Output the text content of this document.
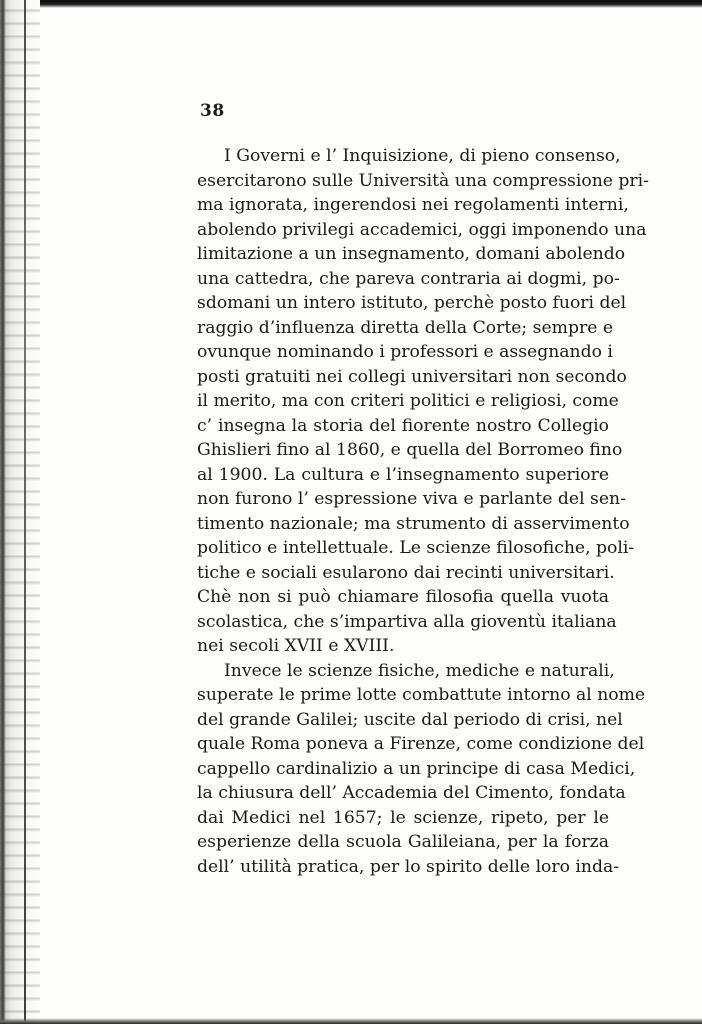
38
I Governi e l’ Inquisizione, di pieno consenso,
esercitarono sulle Università una compressione pri-
ma ignorata, ingerendosi nei regolamenti interni,
abolendo privilegi accademici, oggi imponendo una
limitazione a un insegnamento, domani abolendo
una cattedra, che pareva contraria ai dogmi, po-
sdomani un intero istituto, perchè posto fuori del
raggio d’influenza diretta della Corte; sempre e
ovunque nominando i professori e assegnando i
posti gratuiti nei collegi universitari non secondo
il merito, ma con criteri politici e religiosi, come
c’ insegna la storia del fiorente nostro Collegio
Ghislieri fino al 1860, e quella del Borromeo fino
al 1900. La cultura e l’insegnamento superiore
non furono l’ espressione viva e parlante del sen-
timento nazionale; ma strumento di asservimento
politico e intellettuale. Le scienze filosofiche, poli-
tiche e sociali esularono dai recinti universitari.
Chè non si può chiamare filosofia quella vuota
scolastica, che s’impartiva alla gioventù italiana
nei secoli XVII e XVIII.
Invece le scienze fisiche, mediche e naturali,
superate le prime lotte combattute intorno al nome
del grande Galilei; uscite dal periodo di crisi, nel
quale Roma poneva a Firenze, come condizione del
cappello cardinalizio a un principe di casa Medici,
la chiusura dell’ Accademia del Cimento, fondata
dai Medici nel 1657; le scienze, ripeto, per le
esperienze della scuola Galileiana, per la forza
dell’ utilità pratica, per lo spirito delle loro inda-
